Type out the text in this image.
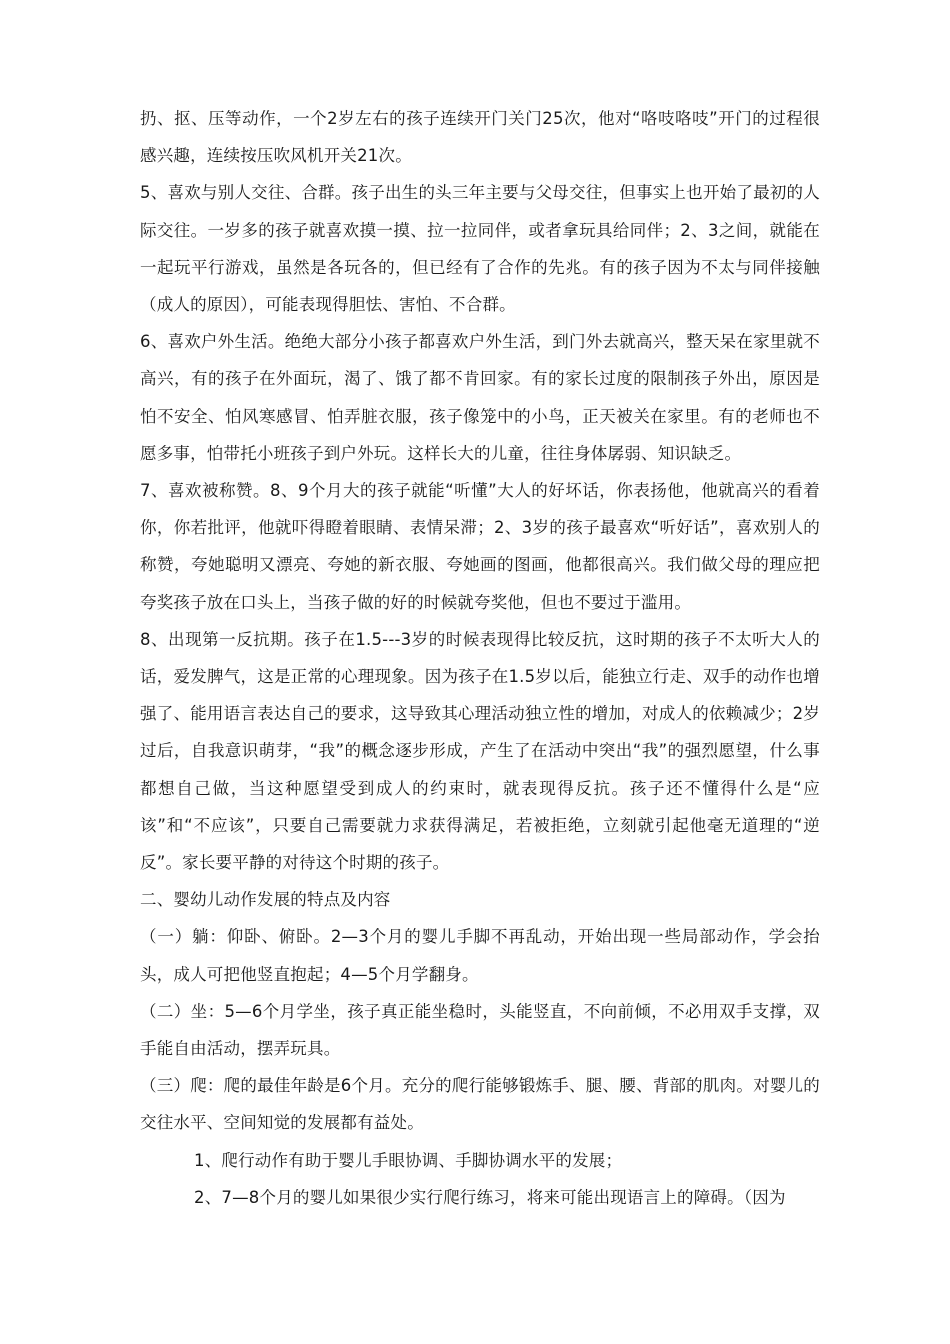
扔、抠、压等动作，一个2岁左右的孩子连续开门关门25次，他对“咯吱咯吱”开门的过程很感兴趣，连续按压吹风机开关21次。

5、喜欢与别人交往、合群。孩子出生的头三年主要与父母交往，但事实上也开始了最初的人际交往。一岁多的孩子就喜欢摸一摸、拉一拉同伴，或者拿玩具给同伴；2、3之间，就能在一起玩平行游戏，虽然是各玩各的，但已经有了合作的先兆。有的孩子因为不太与同伴接触（成人的原因），可能表现得胆怯、害怕、不合群。

6、喜欢户外生活。绝绝大部分小孩子都喜欢户外生活，到门外去就高兴，整天呆在家里就不高兴，有的孩子在外面玩，渴了、饿了都不肯回家。有的家长过度的限制孩子外出，原因是怕不安全、怕风寒感冒、怕弄脏衣服，孩子像笼中的小鸟，正天被关在家里。有的老师也不愿多事，怕带托小班孩子到户外玩。这样长大的儿童，往往身体孱弱、知识缺乏。

7、喜欢被称赞。8、9个月大的孩子就能“听懂”大人的好坏话，你表扬他，他就高兴的看着你，你若批评，他就吓得瞪着眼睛、表情呆滞；2、3岁的孩子最喜欢“听好话”，喜欢别人的称赞，夸她聪明又漂亮、夸她的新衣服、夸她画的图画，他都很高兴。我们做父母的理应把夸奖孩子放在口头上，当孩子做的好的时候就夸奖他，但也不要过于滥用。

8、出现第一反抗期。孩子在1.5---3岁的时候表现得比较反抗，这时期的孩子不太听大人的话，爱发脾气，这是正常的心理现象。因为孩子在1.5岁以后，能独立行走、双手的动作也增强了、能用语言表达自己的要求，这导致其心理活动独立性的增加，对成人的依赖减少；2岁过后，自我意识萌芽，“我”的概念逐步形成，产生了在活动中突出“我”的强烈愿望，什么事都想自己做，当这种愿望受到成人的约束时，就表现得反抗。孩子还不懂得什么是“应该”和“不应该”，只要自己需要就力求获得满足，若被拒绝，立刻就引起他毫无道理的“逆反”。家长要平静的对待这个时期的孩子。

二、婴幼儿动作发展的特点及内容

（一）躺：仰卧、俯卧。2—3个月的婴儿手脚不再乱动，开始出现一些局部动作，学会抬头，成人可把他竖直抱起；4—5个月学翻身。

（二）坐：5—6个月学坐，孩子真正能坐稳时，头能竖直，不向前倾，不必用双手支撑，双手能自由活动，摆弄玩具。

（三）爬：爬的最佳年龄是6个月。充分的爬行能够锻炼手、腿、腰、背部的肌肉。对婴儿的交往水平、空间知觉的发展都有益处。

1、爬行动作有助于婴儿手眼协调、手脚协调水平的发展；

2、7—8个月的婴儿如果很少实行爬行练习，将来可能出现语言上的障碍。（因为
